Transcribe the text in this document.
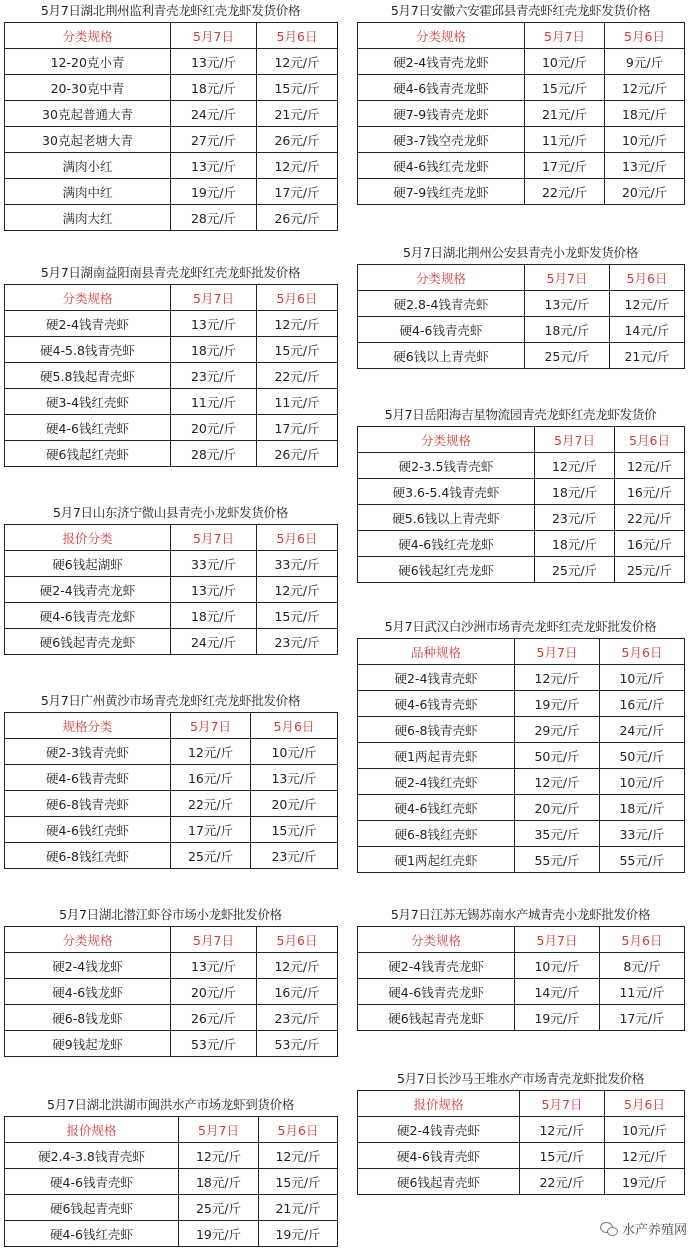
5月7日湖北荆州监利青壳龙虾红壳龙虾发货价格
分类规格	5月7日	5月6日
12-20克小青	13元/斤	12元/斤
20-30克中青	18元/斤	15元/斤
30克起普通大青	24元/斤	21元/斤
30克起老塘大青	27元/斤	26元/斤
满肉小红	13元/斤	12元/斤
满肉中红	19元/斤	17元/斤
满肉大红	28元/斤	26元/斤
5月7日湖南益阳南县青壳龙虾红壳龙虾批发价格
分类规格	5月7日	5月6日
硬2-4钱青壳虾	13元/斤	12元/斤
硬4-5.8钱青壳虾	18元/斤	15元/斤
硬5.8钱起青壳虾	23元/斤	22元/斤
硬3-4钱红壳虾	11元/斤	11元/斤
硬4-6钱红壳虾	20元/斤	17元/斤
硬6钱起红壳虾	28元/斤	26元/斤
5月7日山东济宁微山县青壳小龙虾发货价格
报价分类	5月7日	5月6日
硬6钱起湖虾	33元/斤	33元/斤
硬2-4钱青壳龙虾	13元/斤	12元/斤
硬4-6钱青壳龙虾	18元/斤	15元/斤
硬6钱起青壳龙虾	24元/斤	23元/斤
5月7日广州黄沙市场青壳龙虾红壳龙虾批发价格
规格分类	5月7日	5月6日
硬2-3钱青壳虾	12元/斤	10元/斤
硬4-6钱青壳虾	16元/斤	13元/斤
硬6-8钱青壳虾	22元/斤	20元/斤
硬4-6钱红壳虾	17元/斤	15元/斤
硬6-8钱红壳虾	25元/斤	23元/斤
5月7日湖北潜江虾谷市场小龙虾批发价格
分类规格	5月7日	5月6日
硬2-4钱龙虾	13元/斤	12元/斤
硬4-6钱龙虾	20元/斤	16元/斤
硬6-8钱龙虾	26元/斤	23元/斤
硬9钱起龙虾	53元/斤	53元/斤
5月7日湖北洪湖市闽洪水产市场龙虾到货价格
报价规格	5月7日	5月6日
硬2.4-3.8钱青壳虾	12元/斤	12元/斤
硬4-6钱青壳虾	18元/斤	15元/斤
硬6钱起青壳虾	25元/斤	21元/斤
硬4-6钱红壳虾	19元/斤	19元/斤
5月7日安徽六安霍邱县青壳虾红壳龙虾发货价格
分类规格	5月7日	5月6日
硬2-4钱青壳龙虾	10元/斤	9元/斤
硬4-6钱青壳龙虾	15元/斤	12元/斤
硬7-9钱青壳龙虾	21元/斤	18元/斤
硬3-7钱空壳龙虾	11元/斤	10元/斤
硬4-6钱红壳龙虾	17元/斤	13元/斤
硬7-9钱红壳龙虾	22元/斤	20元/斤
5月7日湖北荆州公安县青壳小龙虾发货价格
分类规格	5月7日	5月6日
硬2.8-4钱青壳虾	13元/斤	12元/斤
硬4-6钱青壳虾	18元/斤	14元/斤
硬6钱以上青壳虾	25元/斤	21元/斤
5月7日岳阳海吉星物流园青壳龙虾红壳龙虾发货价
分类规格	5月7日	5月6日
硬2-3.5钱青壳虾	12元/斤	12元/斤
硬3.6-5.4钱青壳虾	18元/斤	16元/斤
硬5.6钱以上青壳虾	23元/斤	22元/斤
硬4-6钱红壳龙虾	18元/斤	16元/斤
硬6钱起红壳龙虾	25元/斤	25元/斤
5月7日武汉白沙洲市场青壳龙虾红壳龙虾批发价格
品种规格	5月7日	5月6日
硬2-4钱青壳虾	12元/斤	10元/斤
硬4-6钱青壳虾	19元/斤	16元/斤
硬6-8钱青壳虾	29元/斤	24元/斤
硬1两起青壳虾	50元/斤	50元/斤
硬2-4钱红壳虾	12元/斤	10元/斤
硬4-6钱红壳虾	20元/斤	18元/斤
硬6-8钱红壳虾	35元/斤	33元/斤
硬1两起红壳虾	55元/斤	55元/斤
5月7日江苏无锡苏南水产城青壳小龙虾批发价格
分类规格	5月7日	5月6日
硬2-4钱青壳龙虾	10元/斤	8元/斤
硬4-6钱青壳龙虾	14元/斤	11元/斤
硬6钱起青壳龙虾	19元/斤	17元/斤
5月7日长沙马王堆水产市场青壳龙虾批发价格
报价规格	5月7日	5月6日
硬2-4钱青壳虾	12元/斤	10元/斤
硬4-6钱青壳虾	15元/斤	12元/斤
硬6钱起青壳虾	22元/斤	19元/斤
水产养殖网
